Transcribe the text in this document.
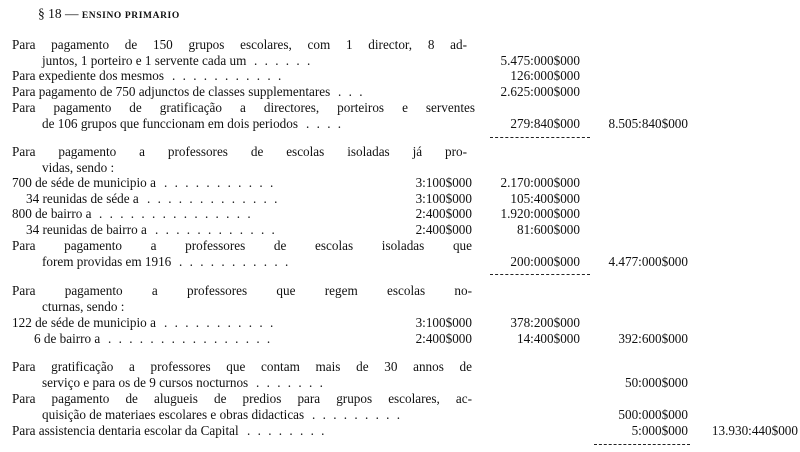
§ 18 — ENSINO PRIMARIO
Para pagamento de 150 grupos escolares, com 1 director, 8 ad-
juntos, 1 porteiro e 1 servente cada um . . . . . .	5.475:000$000
Para expediente dos mesmos . . . . . . . . . . .	126:000$000
Para pagamento de 750 adjunctos de classes supplementares . . .	2.625:000$000
Para pagamento de gratificação a directores, porteiros e serventes
de 106 grupos que funccionam em dois periodos . . . .	279:840$000 8.505:840$000
Para pagamento a professores de escolas isoladas já pro-
vidas, sendo :
700 de séde de municipio a . . . . . . . . . . .	3:100$000 2.170:000$000
34 reunidas de séde a . . . . . . . . . . . . .	3:100$000	105:400$000
800 de bairro a . . . . . . . . . . . . . . .	2:400$000 1.920:000$000
34 reunidas de bairro a . . . . . . . . . . . .	2:400$000	81:600$000
Para pagamento a professores de escolas isoladas que
forem providas em 1916 . . . . . . . . . . .	200:000$000 4.477:000$000
Para pagamento a professores que regem escolas no-
cturnas, sendo :
122 de séde de municipio a . . . . . . . . . . .	3:100$000	378:200$000
6 de bairro a . . . . . . . . . . . . . . . .	2:400$000	14:400$000	392:600$000
Para gratificação a professores que contam mais de 30 annos de
serviço e para os de 9 cursos nocturnos . . . . . . .	50:000$000
Para pagamento de alugueis de predios para grupos escolares, ac-
quisição de materiaes escolares e obras didacticas . . . . . . . . .	500:000$000
Para assistencia dentaria escolar da Capital . . . . . . . .	5:000$000 13.930:440$000
